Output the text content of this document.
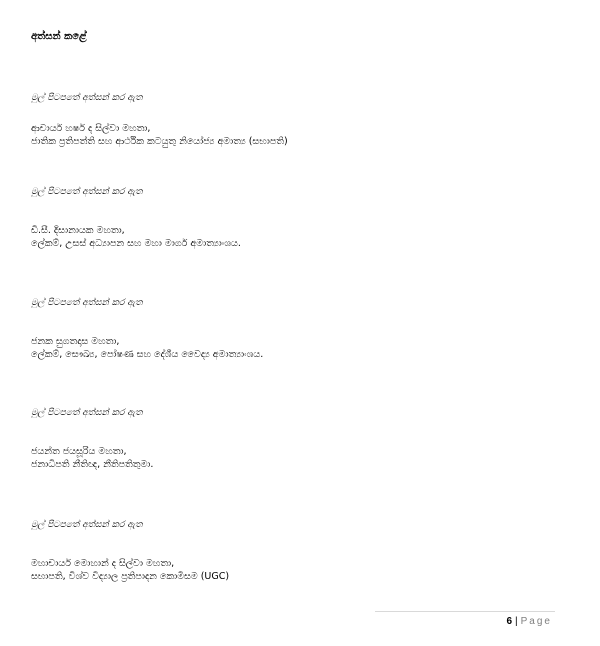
අත්සන් කළේ
මුල් පිටපතේ අත්සන් කර ඇත
ආචාර්ය හර්ෂ ද සිල්වා මහතා,
ජාතික ප්‍රතිපත්ති සහ ආර්ථික කටයුතු නියෝජ්‍ය අමාත්‍ය (සභාපති)
මුල් පිටපතේ අත්සන් කර ඇත
ඩී.සී. දිසානායක මහතා,
ලේකම්, උසස් අධ්‍යාපන සහ මහා මාර්ග අමාත්‍යාංශය.
මුල් පිටපතේ අත්සන් කර ඇත
ජනක සුගතදාස මහතා,
ලේකම්, සෞඛ්‍ය, පෝෂණ සහ දේශීය වෛද්‍ය අමාත්‍යාංශය.
මුල් පිටපතේ අත්සන් කර ඇත
ජයන්ත ජයසූරිය මහතා,
ජනාධිපති නීතිඥ, නීතිපතිතුමා.
මුල් පිටපතේ අත්සන් කර ඇත
මහාචාර්ය මොහාන් ද සිල්වා මහතා,
සභාපති, විශ්ව විද්‍යාල ප්‍රතිපාදන කොමිසම (UGC)
6 | Page
